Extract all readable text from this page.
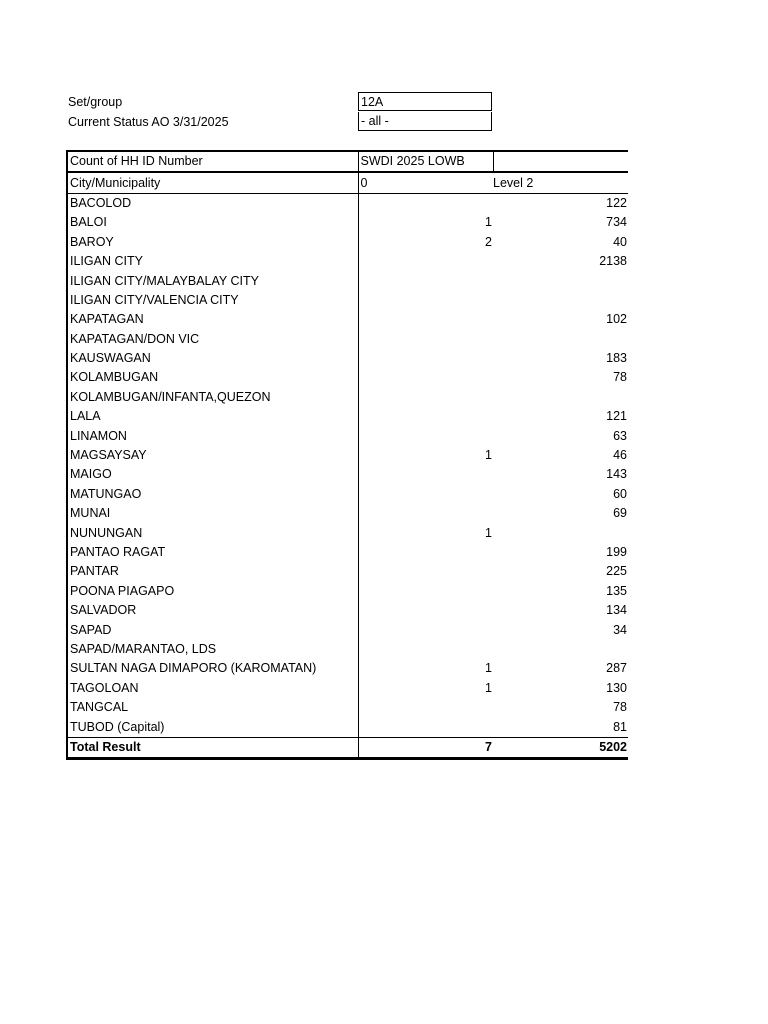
Set/group	12A
Current Status AO 3/31/2025	- all -
Count of HH ID Number	SWDI 2025 LOWB	
City/Municipality	0	Level 2
BACOLOD		122
BALOI	1	734
BAROY	2	40
ILIGAN CITY		2138
ILIGAN CITY/MALAYBALAY CITY		
ILIGAN CITY/VALENCIA CITY		
KAPATAGAN		102
KAPATAGAN/DON VIC		
KAUSWAGAN		183
KOLAMBUGAN		78
KOLAMBUGAN/INFANTA,QUEZON		
LALA		121
LINAMON		63
MAGSAYSAY	1	46
MAIGO		143
MATUNGAO		60
MUNAI		69
NUNUNGAN	1	
PANTAO RAGAT		199
PANTAR		225
POONA PIAGAPO		135
SALVADOR		134
SAPAD		34
SAPAD/MARANTAO, LDS		
SULTAN NAGA DIMAPORO (KAROMATAN)	1	287
TAGOLOAN	1	130
TANGCAL		78
TUBOD (Capital)		81
Total Result	7	5202
